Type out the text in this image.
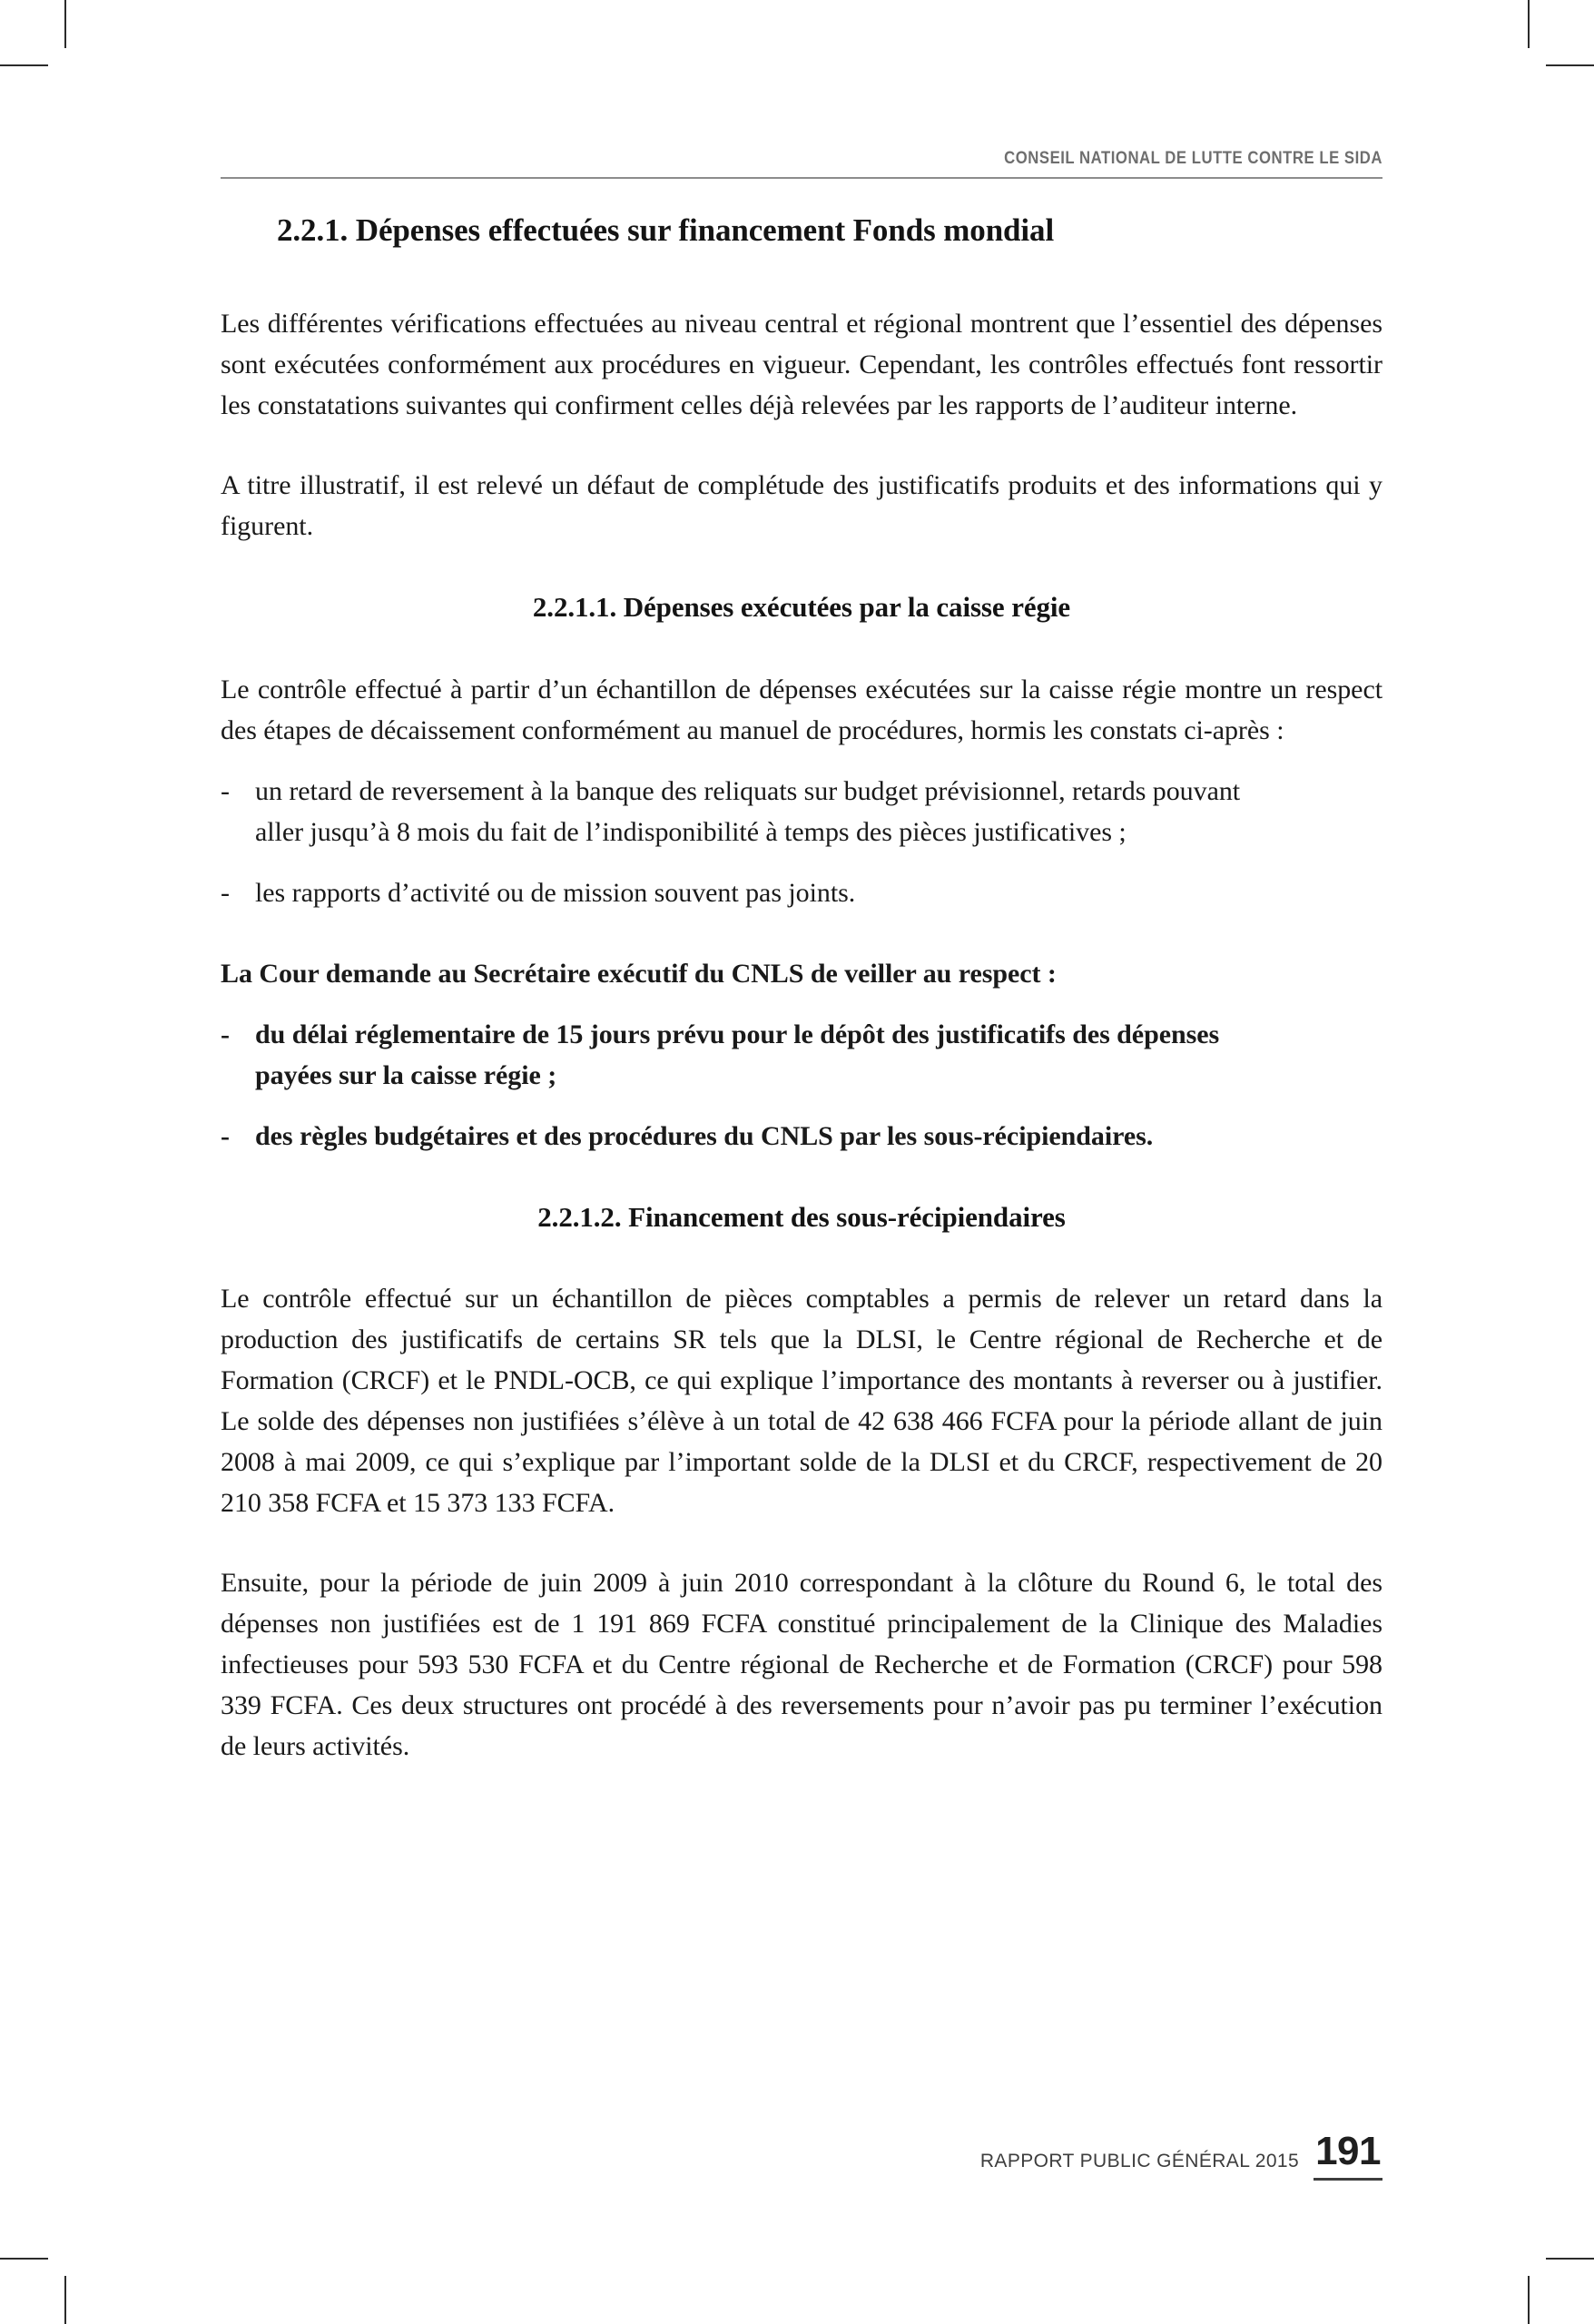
CONSEIL NATIONAL DE LUTTE CONTRE LE SIDA
2.2.1. Dépenses effectuées sur financement Fonds mondial

Les différentes vérifications effectuées au niveau central et régional montrent que l’essentiel des dépenses sont exécutées conformément aux procédures en vigueur. Cependant, les contrôles effectués font ressortir les constatations suivantes qui confirment celles déjà relevées par les rapports de l’auditeur interne.

A titre illustratif, il est relevé un défaut de complétude des justificatifs produits et des informations qui y figurent.

2.2.1.1. Dépenses exécutées par la caisse régie

Le contrôle effectué à partir d’un échantillon de dépenses exécutées sur la caisse régie montre un respect des étapes de décaissement conformément au manuel de procédures, hormis les constats ci-après :

- un retard de reversement à la banque des reliquats sur budget prévisionnel, retards pouvant aller jusqu’à 8 mois du fait de l’indisponibilité à temps des pièces justificatives ;
- les rapports d’activité ou de mission souvent pas joints.

La Cour demande au Secrétaire exécutif du CNLS de veiller au respect :

- du délai réglementaire de 15 jours prévu pour le dépôt des justificatifs des dépenses payées sur la caisse régie ;
- des règles budgétaires et des procédures du CNLS par les sous-récipiendaires.
2.2.1.2. Financement des sous-récipiendaires

Le contrôle effectué sur un échantillon de pièces comptables a permis de relever un retard dans la production des justificatifs de certains SR tels que la DLSI, le Centre régional de Recherche et de Formation (CRCF) et le PNDL-OCB, ce qui explique l’importance des montants à reverser ou à justifier. Le solde des dépenses non justifiées s’élève à un total de 42 638 466 FCFA pour la période allant de juin 2008 à mai 2009, ce qui s’explique par l’important solde de la DLSI et du CRCF, respectivement de 20 210 358 FCFA et 15 373 133 FCFA.

Ensuite, pour la période de juin 2009 à juin 2010 correspondant à la clôture du Round 6, le total des dépenses non justifiées est de 1 191 869 FCFA constitué principalement de la Clinique des Maladies infectieuses pour 593 530 FCFA et du Centre régional de Recherche et de Formation (CRCF) pour 598 339 FCFA. Ces deux structures ont procédé à des reversements pour n’avoir pas pu terminer l’exécution de leurs activités.

RAPPORT PUBLIC GÉNÉRAL 2015 191
